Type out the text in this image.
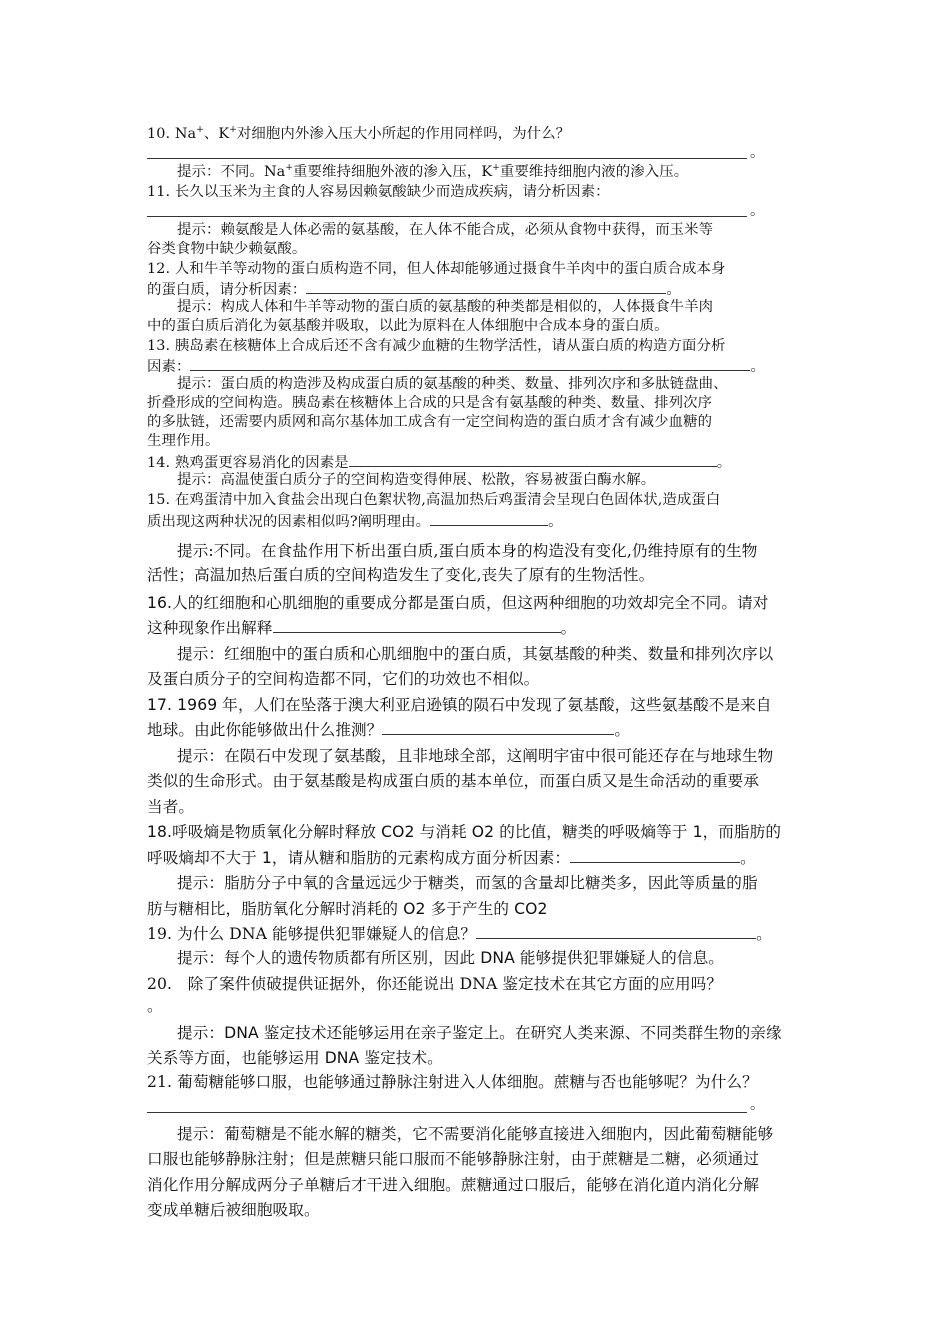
10. Na+、K+对细胞内外渗入压大小所起的作用同样吗，为什么？
。
提示：不同。Na+重要维持细胞外液的渗入压，K+重要维持细胞内液的渗入压。
11. 长久以玉米为主食的人容易因赖氨酸缺少而造成疾病，请分析因素：
。
提示：赖氨酸是人体必需的氨基酸，在人体不能合成，必须从食物中获得，而玉米等
谷类食物中缺少赖氨酸。
12. 人和牛羊等动物的蛋白质构造不同，但人体却能够通过摄食牛羊肉中的蛋白质合成本身
的蛋白质，请分析因素：	。
提示：构成人体和牛羊等动物的蛋白质的氨基酸的种类都是相似的，人体摄食牛羊肉
中的蛋白质后消化为氨基酸并吸取，以此为原料在人体细胞中合成本身的蛋白质。
13. 胰岛素在核糖体上合成后还不含有减少血糖的生物学活性，请从蛋白质的构造方面分析
因素：	。
提示：蛋白质的构造涉及构成蛋白质的氨基酸的种类、数量、排列次序和多肽链盘曲、
折叠形成的空间构造。胰岛素在核糖体上合成的只是含有氨基酸的种类、数量、排列次序
的多肽链，还需要内质网和高尔基体加工成含有一定空间构造的蛋白质才含有减少血糖的
生理作用。
14. 熟鸡蛋更容易消化的因素是	。
提示：高温使蛋白质分子的空间构造变得伸展、松散，容易被蛋白酶水解。
15. 在鸡蛋清中加入食盐会出现白色絮状物,高温加热后鸡蛋清会呈现白色固体状,造成蛋白
质出现这两种状况的因素相似吗?阐明理由。	。
提示:不同。在食盐作用下析出蛋白质,蛋白质本身的构造没有变化,仍维持原有的生物
活性；高温加热后蛋白质的空间构造发生了变化,丧失了原有的生物活性。
16.人的红细胞和心肌细胞的重要成分都是蛋白质，但这两种细胞的功效却完全不同。请对
这种现象作出解释	。
提示：红细胞中的蛋白质和心肌细胞中的蛋白质，其氨基酸的种类、数量和排列次序以
及蛋白质分子的空间构造都不同，它们的功效也不相似。
17. 1969 年，人们在坠落于澳大利亚启逊镇的陨石中发现了氨基酸，这些氨基酸不是来自
地球。由此你能够做出什么推测？	。
提示：在陨石中发现了氨基酸，且非地球全部，这阐明宇宙中很可能还存在与地球生物
类似的生命形式。由于氨基酸是构成蛋白质的基本单位，而蛋白质又是生命活动的重要承
当者。
18.呼吸熵是物质氧化分解时释放 CO2 与消耗 O2 的比值，糖类的呼吸熵等于 1，而脂肪的
呼吸熵却不大于 1，请从糖和脂肪的元素构成方面分析因素：	。
提示：脂肪分子中氧的含量远远少于糖类，而氢的含量却比糖类多，因此等质量的脂
肪与糖相比，脂肪氧化分解时消耗的 O2 多于产生的 CO2
19. 为什么 DNA 能够提供犯罪嫌疑人的信息？	。
提示：每个人的遗传物质都有所区别，因此 DNA 能够提供犯罪嫌疑人的信息。
20.　除了案件侦破提供证据外，你还能说出 DNA 鉴定技术在其它方面的应用吗？
。
提示：DNA 鉴定技术还能够运用在亲子鉴定上。在研究人类来源、不同类群生物的亲缘
关系等方面，也能够运用 DNA 鉴定技术。
21. 葡萄糖能够口服，也能够通过静脉注射进入人体细胞。蔗糖与否也能够呢？为什么？
。
提示：葡萄糖是不能水解的糖类，它不需要消化能够直接进入细胞内，因此葡萄糖能够
口服也能够静脉注射；但是蔗糖只能口服而不能够静脉注射，由于蔗糖是二糖，必须通过
消化作用分解成两分子单糖后才干进入细胞。蔗糖通过口服后，能够在消化道内消化分解
变成单糖后被细胞吸取。
